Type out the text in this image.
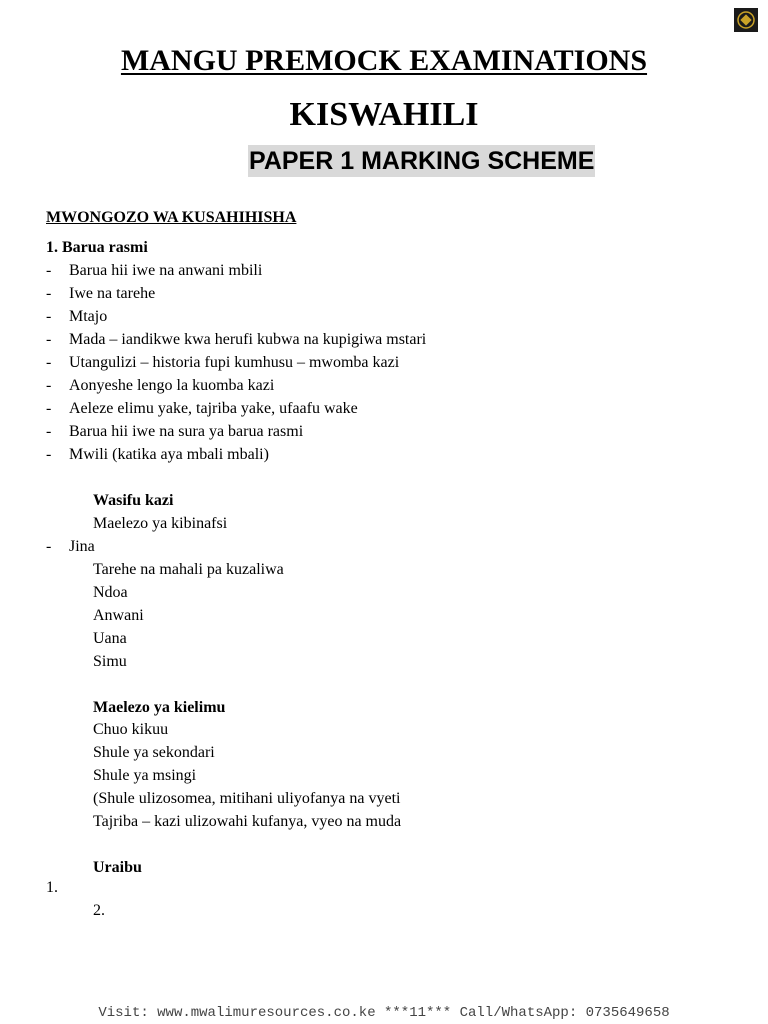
MANGU PREMOCK EXAMINATIONS
KISWAHILI
PAPER 1 MARKING SCHEME
MWONGOZO WA KUSAHIHISHA
1. Barua rasmi
- Barua hii iwe na anwani mbili
- Iwe na tarehe
- Mtajo
- Mada – iandikwe kwa herufi kubwa na kupigiwa mstari
- Utangulizi – historia fupi kumhusu – mwomba kazi
- Aonyeshe lengo la kuomba kazi
- Aeleze elimu yake, tajriba yake, ufaafu wake
- Barua hii iwe na sura ya barua rasmi
- Mwili (katika aya mbali mbali)
Wasifu kazi
Maelezo ya kibinafsi
- Jina
Tarehe na mahali pa kuzaliwa
Ndoa
Anwani
Uana
Simu
Maelezo ya kielimu
Chuo kikuu
Shule ya sekondari
Shule ya msingi
(Shule ulizosomea, mitihani uliyofanya na vyeti
Tajriba – kazi ulizowahi kufanya, vyeo na muda
Uraibu
1.
2.
Visit: www.mwalimuresources.co.ke ***11*** Call/WhatsApp: 0735649658
